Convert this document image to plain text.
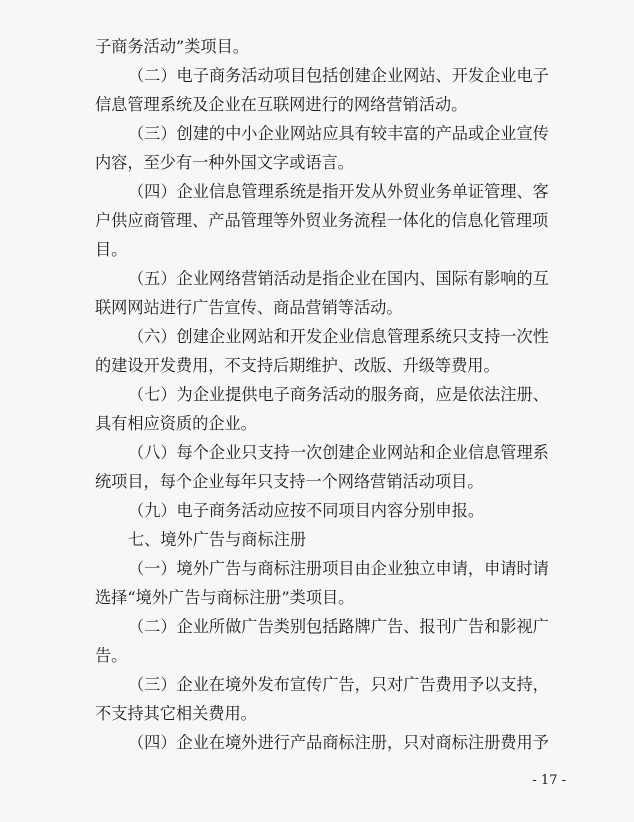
子商务活动”类项目。
（二）电子商务活动项目包括创建企业网站、开发企业电子
信息管理系统及企业在互联网进行的网络营销活动。
（三）创建的中小企业网站应具有较丰富的产品或企业宣传
内容，至少有一种外国文字或语言。
（四）企业信息管理系统是指开发从外贸业务单证管理、客
户供应商管理、产品管理等外贸业务流程一体化的信息化管理项
目。
（五）企业网络营销活动是指企业在国内、国际有影响的互
联网网站进行广告宣传、商品营销等活动。
（六）创建企业网站和开发企业信息管理系统只支持一次性
的建设开发费用，不支持后期维护、改版、升级等费用。
（七）为企业提供电子商务活动的服务商，应是依法注册、
具有相应资质的企业。
（八）每个企业只支持一次创建企业网站和企业信息管理系
统项目，每个企业每年只支持一个网络营销活动项目。
（九）电子商务活动应按不同项目内容分别申报。
七、境外广告与商标注册
（一）境外广告与商标注册项目由企业独立申请，申请时请
选择“境外广告与商标注册”类项目。
（二）企业所做广告类别包括路牌广告、报刊广告和影视广
告。
（三）企业在境外发布宣传广告，只对广告费用予以支持，
不支持其它相关费用。
（四）企业在境外进行产品商标注册，只对商标注册费用予
- 17 -
